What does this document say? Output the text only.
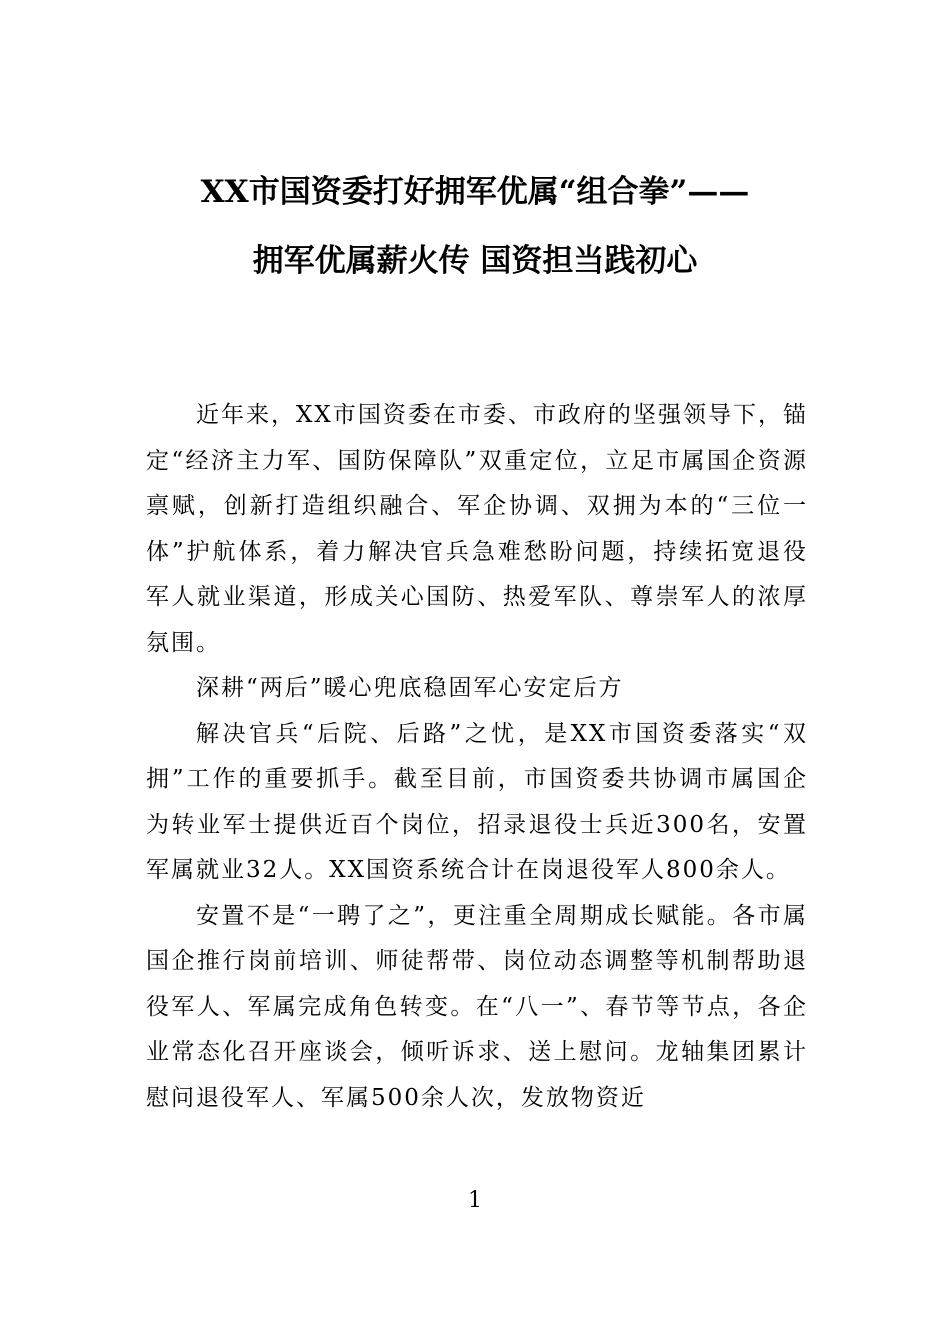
XX市国资委打好拥军优属“组合拳”——
拥军优属薪火传 国资担当践初心

近年来，XX市国资委在市委、市政府的坚强领导下，锚定“经济主力军、国防保障队”双重定位，立足市属国企资源禀赋，创新打造组织融合、军企协调、双拥为本的“三位一体”护航体系，着力解决官兵急难愁盼问题，持续拓宽退役军人就业渠道，形成关心国防、热爱军队、尊崇军人的浓厚氛围。

深耕“两后”暖心兜底稳固军心安定后方

解决官兵“后院、后路”之忧，是XX市国资委落实“双拥”工作的重要抓手。截至目前，市国资委共协调市属国企为转业军士提供近百个岗位，招录退役士兵近300名，安置军属就业32人。XX国资系统合计在岗退役军人800余人。

安置不是“一聘了之”，更注重全周期成长赋能。各市属国企推行岗前培训、师徒帮带、岗位动态调整等机制帮助退役军人、军属完成角色转变。在“八一”、春节等节点，各企业常态化召开座谈会，倾听诉求、送上慰问。龙轴集团累计慰问退役军人、军属500余人次，发放物资近

1
